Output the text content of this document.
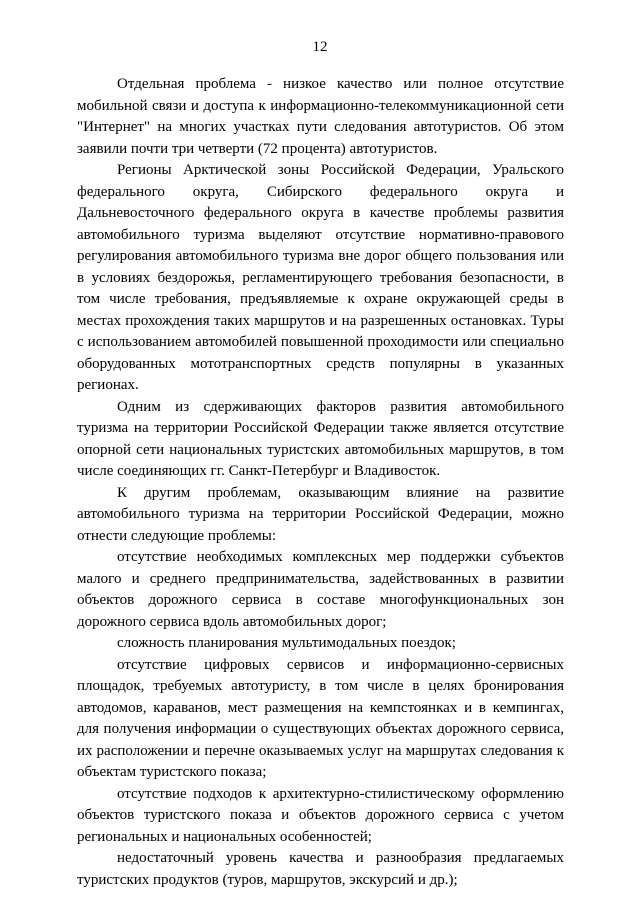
12

Отдельная проблема - низкое качество или полное отсутствие мобильной связи и доступа к информационно-телекоммуникационной сети "Интернет" на многих участках пути следования автотуристов. Об этом заявили почти три четверти (72 процента) автотуристов.

Регионы Арктической зоны Российской Федерации, Уральского федерального округа, Сибирского федерального округа и Дальневосточного федерального округа в качестве проблемы развития автомобильного туризма выделяют отсутствие нормативно-правового регулирования автомобильного туризма вне дорог общего пользования или в условиях бездорожья, регламентирующего требования безопасности, в том числе требования, предъявляемые к охране окружающей среды в местах прохождения таких маршрутов и на разрешенных остановках. Туры с использованием автомобилей повышенной проходимости или специально оборудованных мототранспортных средств популярны в указанных регионах.

Одним из сдерживающих факторов развития автомобильного туризма на территории Российской Федерации также является отсутствие опорной сети национальных туристских автомобильных маршрутов, в том числе соединяющих гг. Санкт-Петербург и Владивосток.

К другим проблемам, оказывающим влияние на развитие автомобильного туризма на территории Российской Федерации, можно отнести следующие проблемы:

отсутствие необходимых комплексных мер поддержки субъектов малого и среднего предпринимательства, задействованных в развитии объектов дорожного сервиса в составе многофункциональных зон дорожного сервиса вдоль автомобильных дорог;

сложность планирования мультимодальных поездок;

отсутствие цифровых сервисов и информационно-сервисных площадок, требуемых автотуристу, в том числе в целях бронирования автодомов, караванов, мест размещения на кемпстоянках и в кемпингах, для получения информации о существующих объектах дорожного сервиса, их расположении и перечне оказываемых услуг на маршрутах следования к объектам туристского показа;

отсутствие подходов к архитектурно-стилистическому оформлению объектов туристского показа и объектов дорожного сервиса с учетом региональных и национальных особенностей;

недостаточный уровень качества и разнообразия предлагаемых туристских продуктов (туров, маршрутов, экскурсий и др.);
